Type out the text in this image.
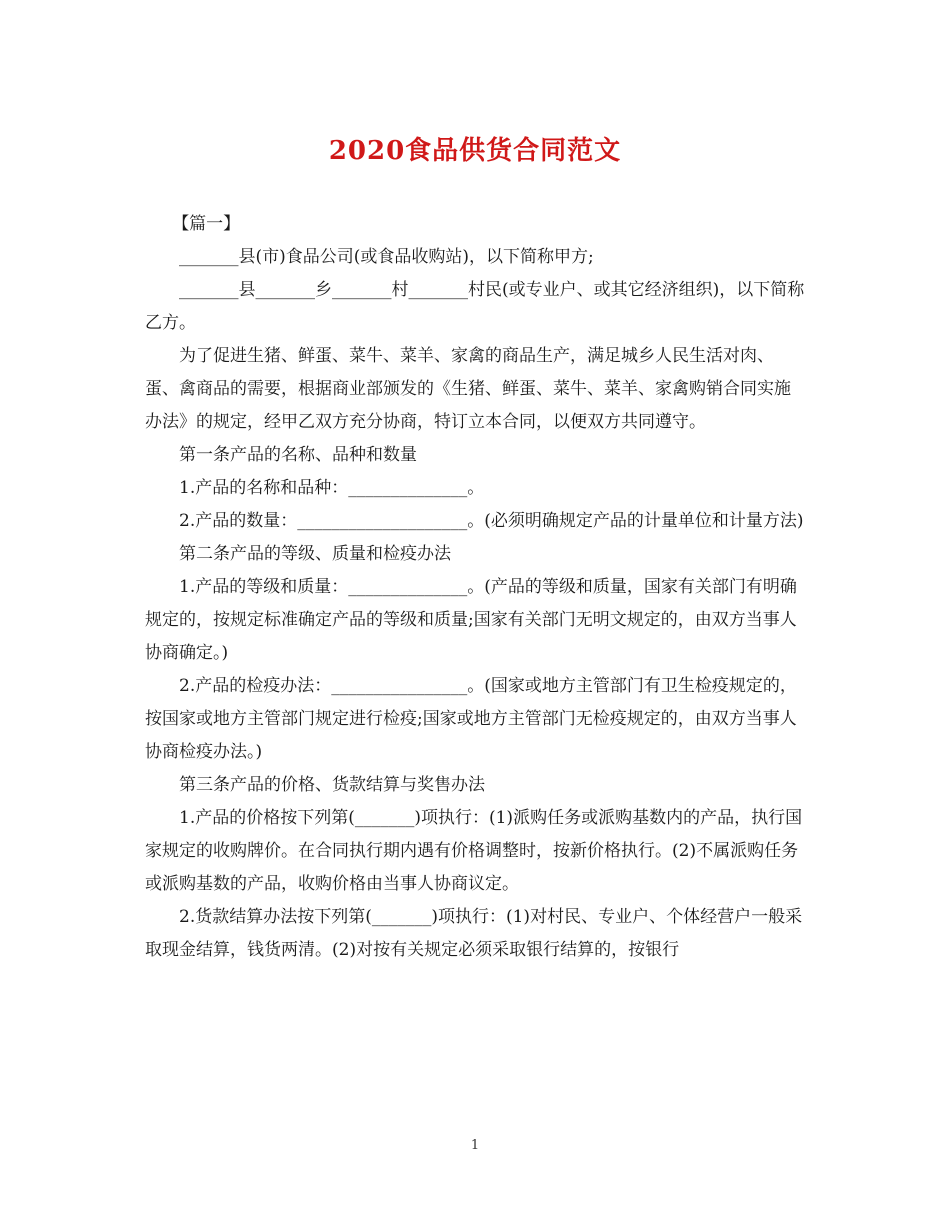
2020食品供货合同范文

【篇一】

_______县(市)食品公司(或食品收购站)，以下简称甲方;

_______县_______乡_______村_______村民(或专业户、或其它经济组织)，以下简称乙方。

为了促进生猪、鲜蛋、菜牛、菜羊、家禽的商品生产，满足城乡人民生活对肉、蛋、禽商品的需要，根据商业部颁发的《生猪、鲜蛋、菜牛、菜羊、家禽购销合同实施办法》的规定，经甲乙双方充分协商，特订立本合同，以便双方共同遵守。

第一条产品的名称、品种和数量

1.产品的名称和品种：______________。

2.产品的数量：____________________。(必须明确规定产品的计量单位和计量方法)

第二条产品的等级、质量和检疫办法

1.产品的等级和质量：______________。(产品的等级和质量，国家有关部门有明确规定的，按规定标准确定产品的等级和质量;国家有关部门无明文规定的，由双方当事人协商确定。)

2.产品的检疫办法：________________。(国家或地方主管部门有卫生检疫规定的，按国家或地方主管部门规定进行检疫;国家或地方主管部门无检疫规定的，由双方当事人协商检疫办法。)

第三条产品的价格、货款结算与奖售办法

1.产品的价格按下列第(_______)项执行：(1)派购任务或派购基数内的产品，执行国家规定的收购牌价。在合同执行期内遇有价格调整时，按新价格执行。(2)不属派购任务或派购基数的产品，收购价格由当事人协商议定。

2.货款结算办法按下列第(_______)项执行：(1)对村民、专业户、个体经营户一般采取现金结算，钱货两清。(2)对按有关规定必须采取银行结算的，按银行

1
